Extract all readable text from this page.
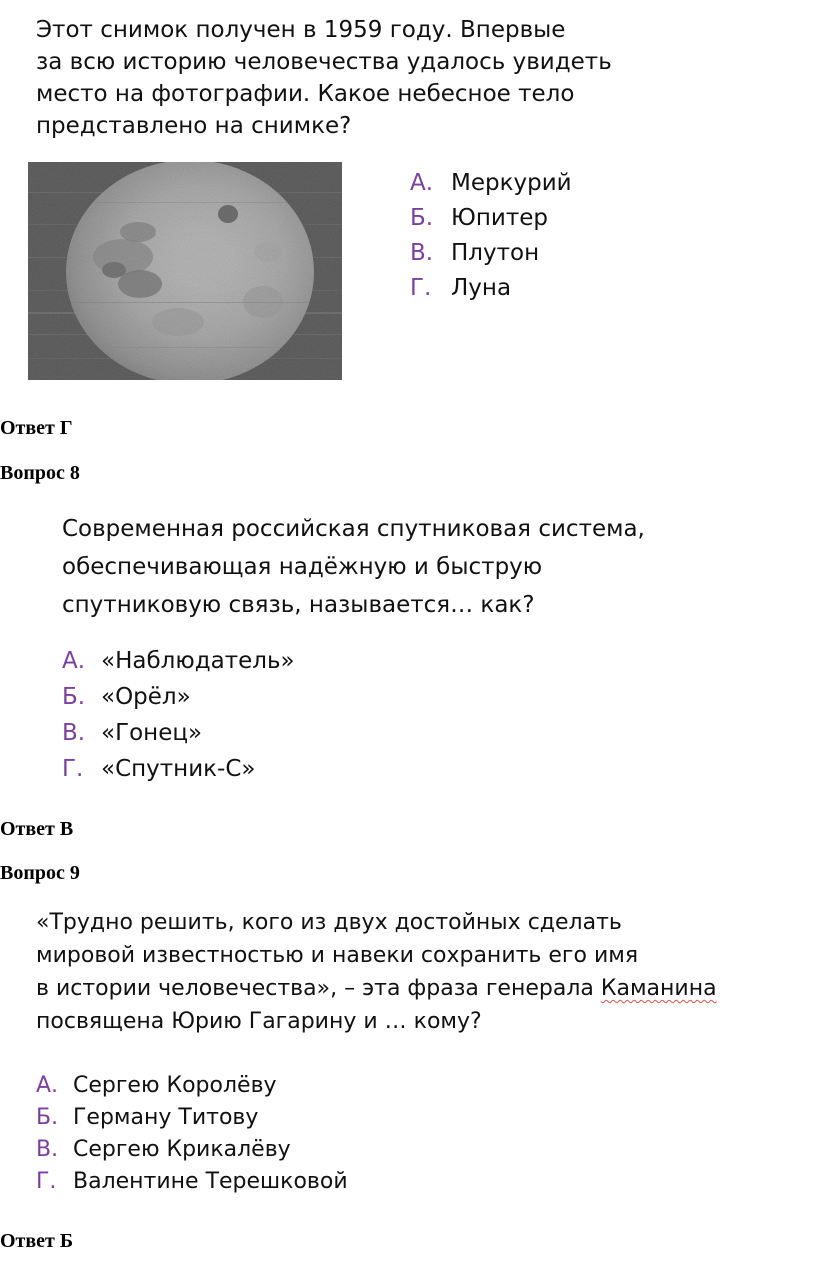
Этот снимок получен в 1959 году. Впервые
за всю историю человечества удалось увидеть
место на фотографии. Какое небесное тело
представлено на снимке?
А. Меркурий
Б. Юпитер
В. Плутон
Г. Луна
Ответ Г
Вопрос 8
Современная российская спутниковая система,
обеспечивающая надёжную и быструю
спутниковую связь, называется… как?
А. «Наблюдатель»
Б. «Орёл»
В. «Гонец»
Г. «Спутник-С»
Ответ В
Вопрос 9
«Трудно решить, кого из двух достойных сделать
мировой известностью и навеки сохранить его имя
в истории человечества», – эта фраза генерала Каманина
посвящена Юрию Гагарину и … кому?
А. Сергею Королёву
Б. Герману Титову
В. Сергею Крикалёву
Г. Валентине Терешковой
Ответ Б
